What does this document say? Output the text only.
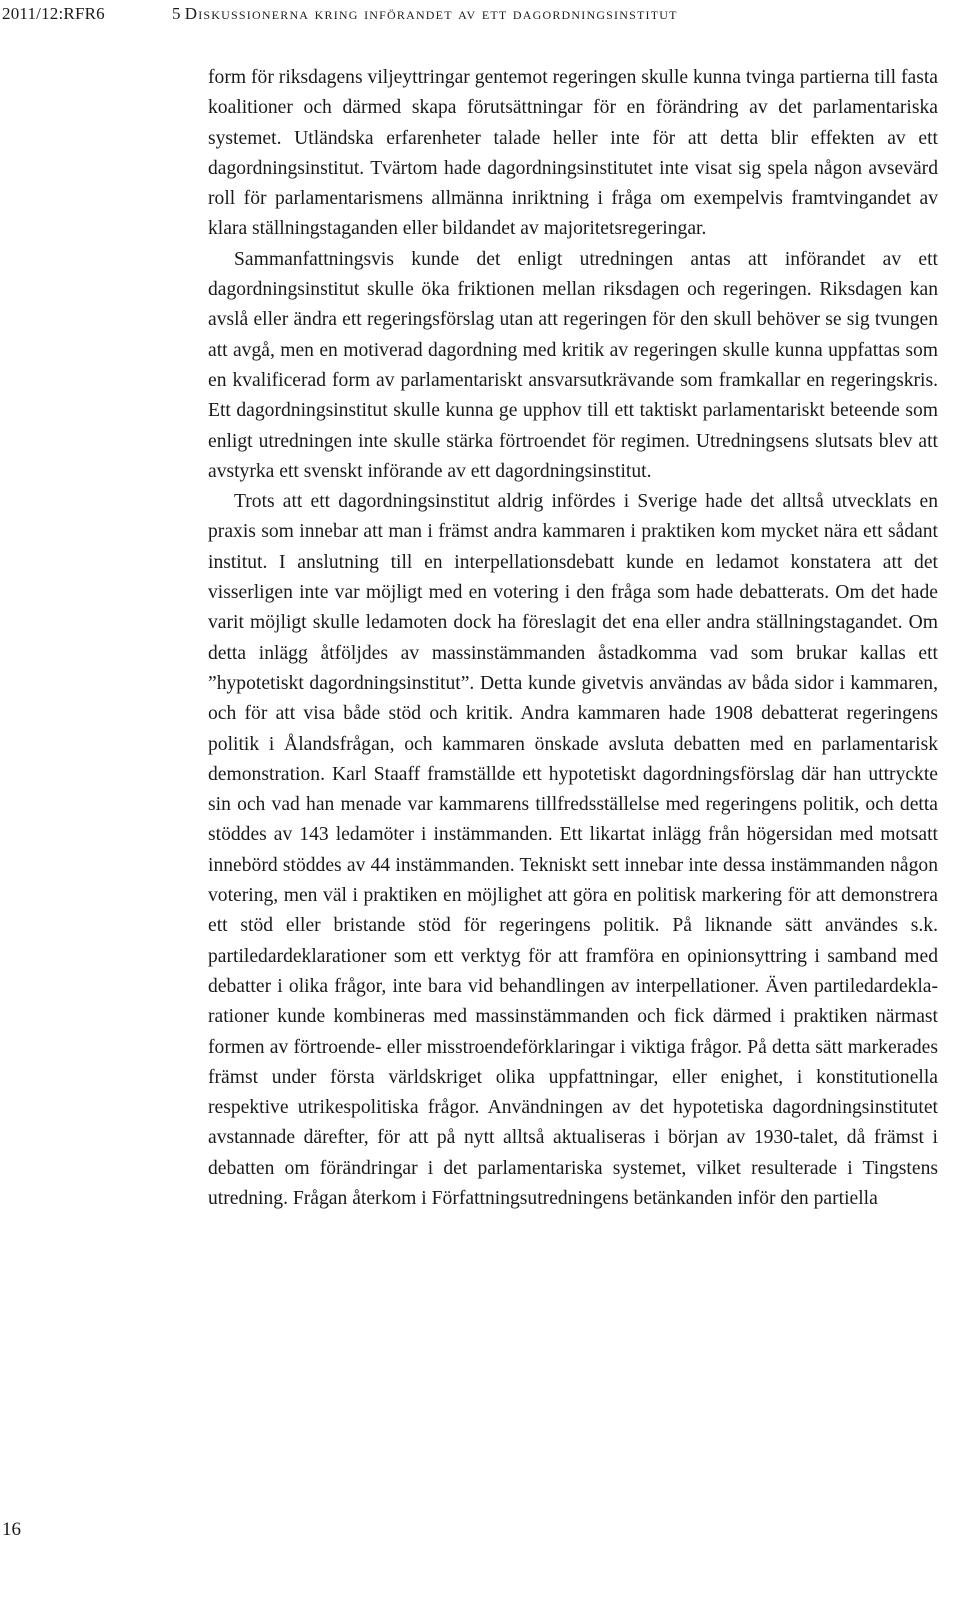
2011/12:RFR6	5 Diskussionerna kring införandet av ett dagordningsinstitut

form för riksdagens viljeyttringar gentemot regeringen skulle kunna tvinga partierna till fasta koalitioner och därmed skapa förutsättningar för en förändring av det parlamentariska systemet. Utländska erfarenheter talade heller inte för att detta blir effekten av ett dagordningsinstitut. Tvärtom hade dagordningsinstitutet inte visat sig spela någon avsevärd roll för parlamentarismens allmänna inriktning i fråga om exempelvis framtvingandet av klara ställningstaganden eller bildandet av majoritetsregeringar.

Sammanfattningsvis kunde det enligt utredningen antas att införandet av ett dagordningsinstitut skulle öka friktionen mellan riksdagen och regeringen. Riksdagen kan avslå eller ändra ett regeringsförslag utan att regeringen för den skull behöver se sig tvungen att avgå, men en motiverad dagordning med kritik av regeringen skulle kunna uppfattas som en kvalificerad form av parlamentariskt ansvarsutkrävande som framkallar en regeringskris. Ett dagordningsinstitut skulle kunna ge upphov till ett taktiskt parlamentariskt beteende som enligt utredningen inte skulle stärka förtroendet för regimen. Utredningsens slutsats blev att avstyrka ett svenskt införande av ett dagordningsinstitut.

Trots att ett dagordningsinstitut aldrig infördes i Sverige hade det alltså utvecklats en praxis som innebar att man i främst andra kammaren i praktiken kom mycket nära ett sådant institut. I anslutning till en interpellationsdebatt kunde en ledamot konstatera att det visserligen inte var möjligt med en votering i den fråga som hade debatterats. Om det hade varit möjligt skulle ledamoten dock ha föreslagit det ena eller andra ställningstagandet. Om detta inlägg åtföljdes av massinstämmanden åstadkomma vad som brukar kallas ett ”hypotetiskt dagordningsinstitut”. Detta kunde givetvis användas av båda sidor i kammaren, och för att visa både stöd och kritik. Andra kammaren hade 1908 debatterat regeringens politik i Ålandsfrågan, och kammaren önskade avsluta debatten med en parlamentarisk demonstration. Karl Staaff framställde ett hypotetiskt dagordningsförslag där han uttryckte sin och vad han menade var kammarens tillfredsställelse med regeringens politik, och detta stöddes av 143 ledamöter i instämmanden. Ett likartat inlägg från högersidan med motsatt innebörd stöddes av 44 instämmanden. Tekniskt sett innebar inte dessa instämmanden någon votering, men väl i praktiken en möjlighet att göra en politisk markering för att demonstrera ett stöd eller bristande stöd för regeringens politik. På liknande sätt användes s.k. partiledardeklarationer som ett verktyg för att framföra en opinionsyttring i samband med debatter i olika frågor, inte bara vid behandlingen av interpellationer. Även partiledardeklarationer kunde kombineras med massinstämmanden och fick därmed i praktiken närmast formen av förtroende- eller misstroendeförklaringar i viktiga frågor. På detta sätt markerades främst under första världskriget olika uppfattningar, eller enighet, i konstitutionella respektive utrikespolitiska frågor. Användningen av det hypotetiska dagordningsinstitutet avstannade därefter, för att på nytt alltså aktualiseras i början av 1930-talet, då främst i debatten om förändringar i det parlamentariska systemet, vilket resulterade i Tingstens utredning. Frågan återkom i Författningsutredningens betänkanden inför den partiella

16
